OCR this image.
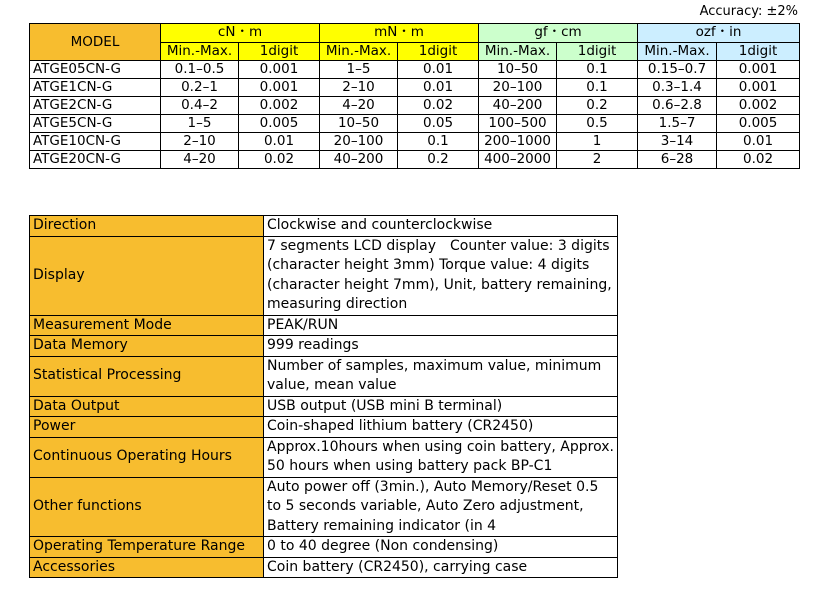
Accuracy: ±2%
MODEL	cN・m		mN・m		gf・cm		ozf・in	
	Min.-Max.	1digit	Min.-Max.	1digit	Min.-Max.	1digit	Min.-Max.	1digit
ATGE05CN-G	0.1–0.5	0.001	1–5	0.01	10–50	0.1	0.15–0.7	0.001
ATGE1CN-G	0.2–1	0.001	2–10	0.01	20–100	0.1	0.3–1.4	0.001
ATGE2CN-G	0.4–2	0.002	4–20	0.02	40–200	0.2	0.6–2.8	0.002
ATGE5CN-G	1–5	0.005	10–50	0.05	100–500	0.5	1.5–7	0.005
ATGE10CN-G	2–10	0.01	20–100	0.1	200–1000	1	3–14	0.01
ATGE20CN-G	4–20	0.02	40–200	0.2	400–2000	2	6–28	0.02
Direction	Clockwise and counterclockwise
Display	7 segments LCD display　Counter value: 3 digits (character height 3mm) Torque value: 4 digits (character height 7mm), Unit, battery remaining, measuring direction
Measurement Mode	PEAK/RUN
Data Memory	999 readings
Statistical Processing	Number of samples, maximum value, minimum value, mean value
Data Output	USB output (USB mini B terminal)
Power	Coin-shaped lithium battery (CR2450)
Continuous Operating Hours	Approx.10hours when using coin battery, Approx. 50 hours when using battery pack BP-C1
Other functions	Auto power off (3min.), Auto Memory/Reset 0.5 to 5 seconds variable, Auto Zero adjustment, Battery remaining indicator (in 4
Operating Temperature Range	0 to 40 degree (Non condensing)
Accessories	Coin battery (CR2450), carrying case
